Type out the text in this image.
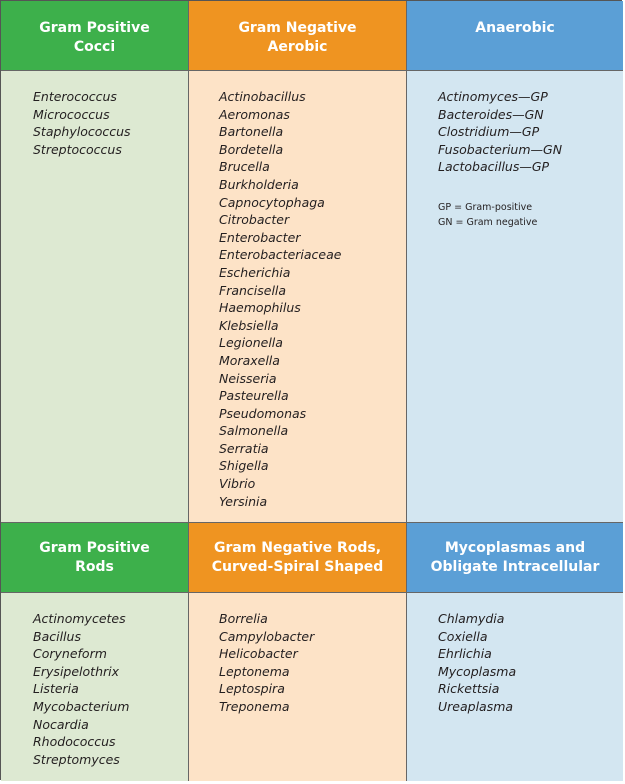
Gram Positive
Cocci
Gram Negative
Aerobic
Anaerobic
Enterococcus
Micrococcus
Staphylococcus
Streptococcus
Actinobacillus
Aeromonas
Bartonella
Bordetella
Brucella
Burkholderia
Capnocytophaga
Citrobacter
Enterobacter
Enterobacteriaceae
Escherichia
Francisella
Haemophilus
Klebsiella
Legionella
Moraxella
Neisseria
Pasteurella
Pseudomonas
Salmonella
Serratia
Shigella
Vibrio
Yersinia
Actinomyces—GP
Bacteroides—GN
Clostridium—GP
Fusobacterium—GN
Lactobacillus—GP
GP = Gram-positive
GN = Gram negative
Gram Positive
Rods
Gram Negative Rods,
Curved-Spiral Shaped
Mycoplasmas and
Obligate Intracellular
Actinomycetes
Bacillus
Coryneform
Erysipelothrix
Listeria
Mycobacterium
Nocardia
Rhodococcus
Streptomyces
Borrelia
Campylobacter
Helicobacter
Leptonema
Leptospira
Treponema
Chlamydia
Coxiella
Ehrlichia
Mycoplasma
Rickettsia
Ureaplasma
